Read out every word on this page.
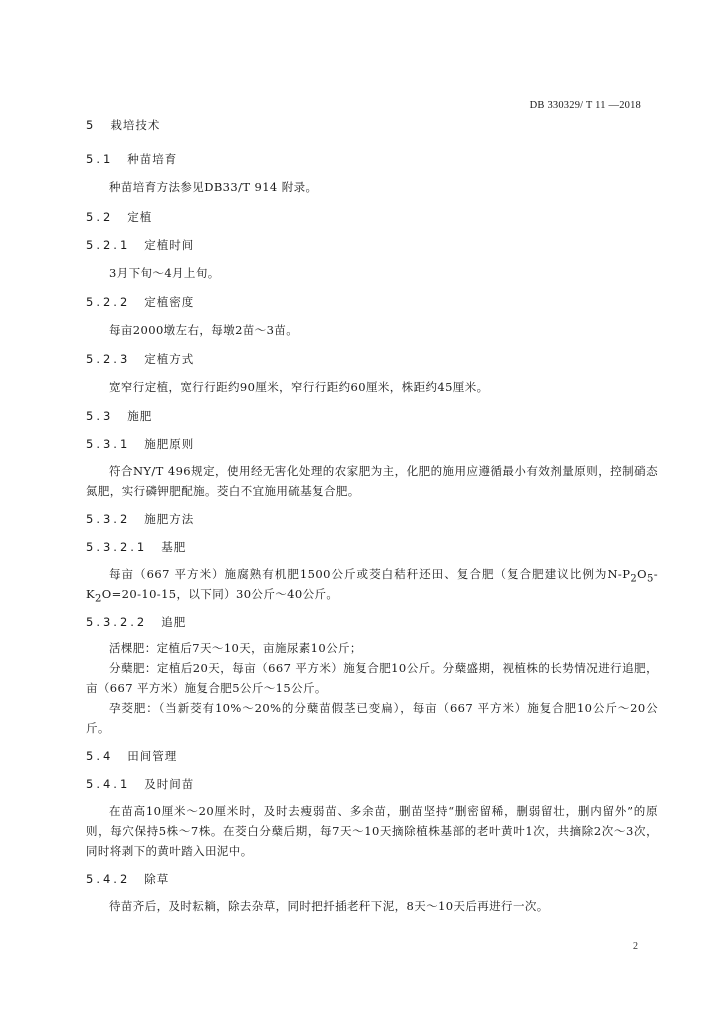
DB 330329/ T 11 —2018
5 栽培技术
5.1 种苗培育
种苗培育方法参见DB33/T 914 附录。
5.2 定植
5.2.1 定植时间
3月下旬～4月上旬。
5.2.2 定植密度
每亩2000墩左右，每墩2苗～3苗。
5.2.3 定植方式
宽窄行定植，宽行行距约90厘米，窄行行距约60厘米，株距约45厘米。
5.3 施肥
5.3.1 施肥原则
符合NY/T 496规定，使用经无害化处理的农家肥为主，化肥的施用应遵循最小有效剂量原则，控制硝态氮肥，实行磷钾肥配施。茭白不宜施用硫基复合肥。
5.3.2 施肥方法
5.3.2.1 基肥
每亩（667 平方米）施腐熟有机肥1500公斤或茭白秸秆还田、复合肥（复合肥建议比例为N-P2O5-K2O=20-10-15，以下同）30公斤～40公斤。
5.3.2.2 追肥
活棵肥：定植后7天～10天，亩施尿素10公斤；
分蘖肥：定植后20天，每亩（667 平方米）施复合肥10公斤。分蘖盛期，视植株的长势情况进行追肥，亩（667 平方米）施复合肥5公斤～15公斤。
孕茭肥：（当新茭有10%～20%的分蘖苗假茎已变扁），每亩（667 平方米）施复合肥10公斤～20公斤。
5.4 田间管理
5.4.1 及时间苗
在苗高10厘米～20厘米时，及时去瘦弱苗、多余苗，删苗坚持“删密留稀，删弱留壮，删内留外”的原则，每穴保持5株～7株。在茭白分蘖后期，每7天～10天摘除植株基部的老叶黄叶1次，共摘除2次～3次，同时将剥下的黄叶踏入田泥中。
5.4.2 除草
待苗齐后，及时耘耥，除去杂草，同时把扦插老秆下泥，8天～10天后再进行一次。
2
